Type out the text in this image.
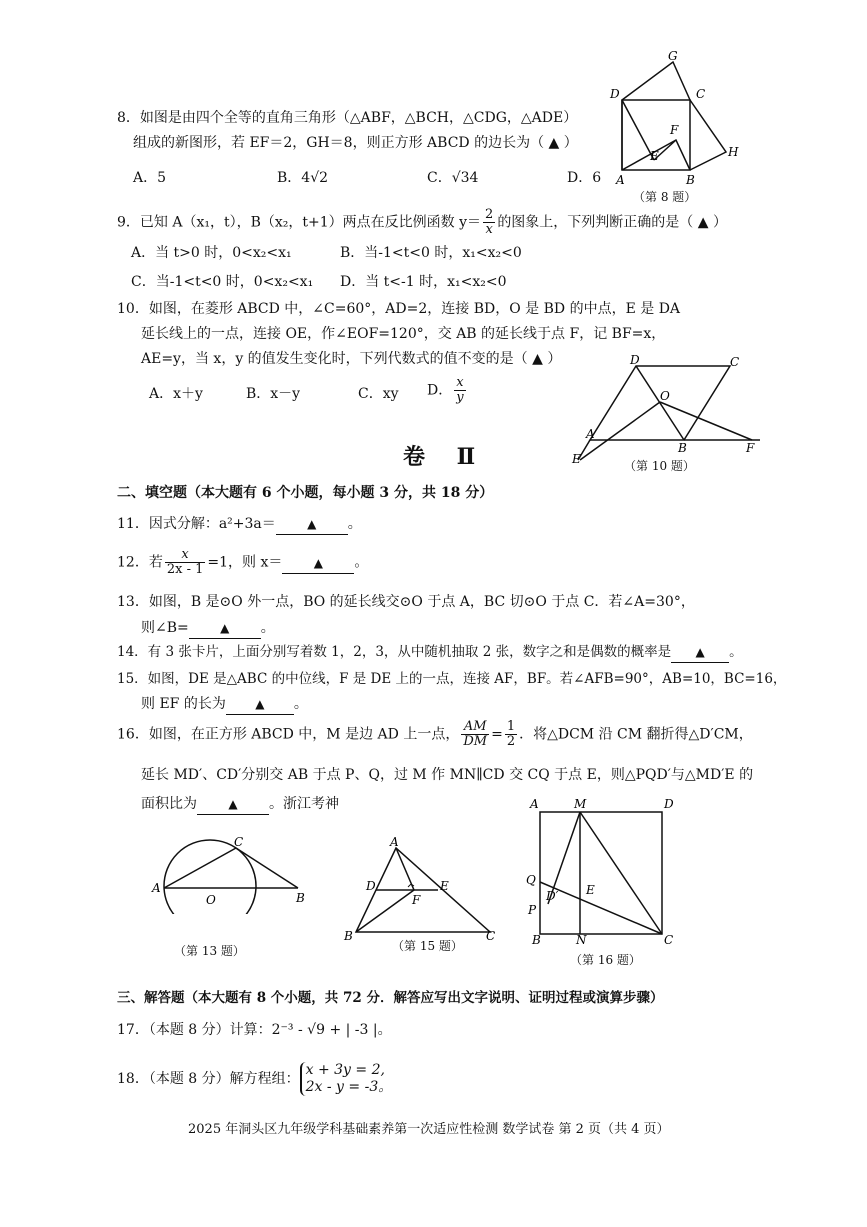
8．如图是由四个全等的直角三角形（△ABF，△BCH，△CDG，△ADE）
组成的新图形，若 EF＝2，GH＝8，则正方形 ABCD 的边长为（ ▲ ）
A．5	B．4√2	C．√34	D．6
G
D	C
F
E	H
A	B
（第 8 题）
9．已知 A（x₁，t），B（x₂，t+1）两点在反比例函数 $y= \frac{2}{x}$ 的图象上，下列判断正确的是（ ▲ ）
A．当 t>0 时，0<x₂<x₁	B．当-1<t<0 时，x₁<x₂<0
C．当-1<t<0 时，0<x₂<x₁ D．当 t<-1 时，x₁<x₂<0
10．如图，在菱形 ABCD 中，∠C=60°，AD=2，连接 BD，O 是 BD 的中点，E 是 DA
延长线上的一点，连接 OE，作∠EOF=120°，交 AB 的延长线于点 F，记 BF=x，
AE=y，当 x，y 的值发生变化时，下列代数式的值不变的是（ ▲ ）
A．x＋y	B．x－y	C．xy D． $\frac{x}{y}$
D	C
O
A
B
E
F
（第 10 题）
卷 Ⅱ
二、填空题（本大题有 6 个小题，每小题 3 分，共 18 分）
11．因式分解：a²+3a＝	▲ 。
12．若 $\frac{x}{2x - 1} =1$，则 x＝	▲ 。
13．如图，B 是⊙O 外一点，BO 的延长线交⊙O 于点 A，BC 切⊙O 于点 C．若∠A=30°，
则∠B=	▲ 。
14．有 3 张卡片，上面分别写着数 1，2，3，从中随机抽取 2 张，数字之和是偶数的概率是 ▲ 。
15．如图，DE 是△ABC 的中位线，F 是 DE 上的一点，连接 AF，BF。若∠AFB=90°，AB=10，BC=16，
则 EF 的长为 ▲ 。
16．如图，在正方形 ABCD 中，M 是边 AD 上一点， $\frac{AM}{DM} = \frac{1}{2}$ ．将△DCM 沿 CM 翻折得△D′CM，
延长 MD′、CD′分别交 AB 于点 P、Q，过 M 作 MN∥CD 交 CQ 于点 E，则△PQD′与△MD′E 的
面积比为	▲ 。浙江考神
C
A
O	B
（第 13 题）
A
D	E
F
B	C
（第 15 题）
A	M	D
Q
E
D′
P
B	N	C
（第 16 题）
三、解答题（本大题有 8 个小题，共 72 分．解答应写出文字说明、证明过程或演算步骤）
17．（本题 8 分）计算：2⁻³ - √9 + | -3 |。
18．（本题 8 分）解方程组：
x + 3y = 2,
2x - y = -3。
2025 年洞头区九年级学科基础素养第一次适应性检测 数学试卷 第 2 页（共 4 页）
